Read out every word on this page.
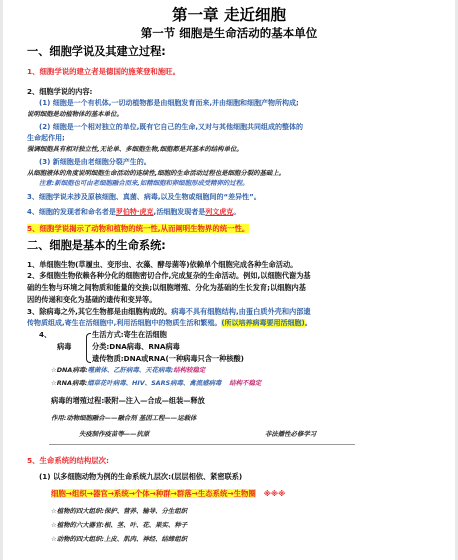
第一章 走近细胞
第一节 细胞是生命活动的基本单位
一、细胞学说及其建立过程:
1、细胞学说的建立者是德国的施莱登和施旺。
2、细胞学说的内容:
(1) 细胞是一个有机体,一切动植物都是由细胞发育而来,并由细胞和细胞产物所构成;
说明细胞是动植物体的基本单位。
(2) 细胞是一个相对独立的单位,既有它自己的生命,又对与其他细胞共同组成的整体的
生命起作用;
强调细胞具有相对独立性,无论单、多细胞生物,细胞都是其基本的结构单位。
(3) 新细胞是由老细胞分裂产生的。
从细胞液体的角度说明细胞生命活动的连续性,细胞的生命活动过程也是细胞分裂的基础上。
注意:新细胞也可由老细胞融合而来,如精细胞和卵细胞形成受精卵的过程。
3、细胞学说未涉及原核细胞、真菌、病毒,以及生物或细胞间的“差异性”。
4、细胞的发现者和命名者是罗伯特·虎克,活细胞发现者是列文虎克。
5、细胞学说揭示了动物和植物的统一性,从而阐明生物界的统一性。
二、细胞是基本的生命系统:
1、单细胞生物(草履虫、变形虫、衣藻、酵母菌等)依赖单个细胞完成各种生命活动。
2、多细胞生物依赖各种分化的细胞密切合作,完成复杂的生命活动。例如,以细胞代谢为基
础的生物与环境之间物质和能量的交换;以细胞增殖、分化为基础的生长发育;以细胞内基
因的传递和变化为基础的遗传和变异等。
3、除病毒之外,其它生物都是由细胞构成的。病毒不具有细胞结构,由蛋白质外壳和内部遗
传物质组成,寄生在活细胞中,利用活细胞中的物质生活和繁殖。(所以培养病毒要用活细胞)。
4、
病毒
生活方式:寄生在活细胞
分类:DNA病毒、RNA病毒
遗传物质:DNA或RNA(一种病毒只含一种核酸)
☆DNA病毒:噬菌体、乙肝病毒、天花病毒;结构较稳定
☆RNA病毒:烟草花叶病毒、HIV、SARS病毒、禽流感病毒 结构不稳定
病毒的增殖过程:吸附—注入—合成—组装—释放
作用:动物细胞融合——融合剂 基因工程——运载体
失疫制作疫苗等——抗原	非法播性必修学习
5、生命系统的结构层次:
(1) 以多细胞动物为例的生命系统九层次:(层层相依、紧密联系)
细胞→组织→器官→系统→个体→种群→群落→生态系统→生物圈 ※※※
☆植物的四大组织:保护、营养、输导、分生组织
☆植物的六大器官:根、茎、叶、花、果实、种子
☆动物的四大组织:上皮、肌肉、神经、结缔组织
